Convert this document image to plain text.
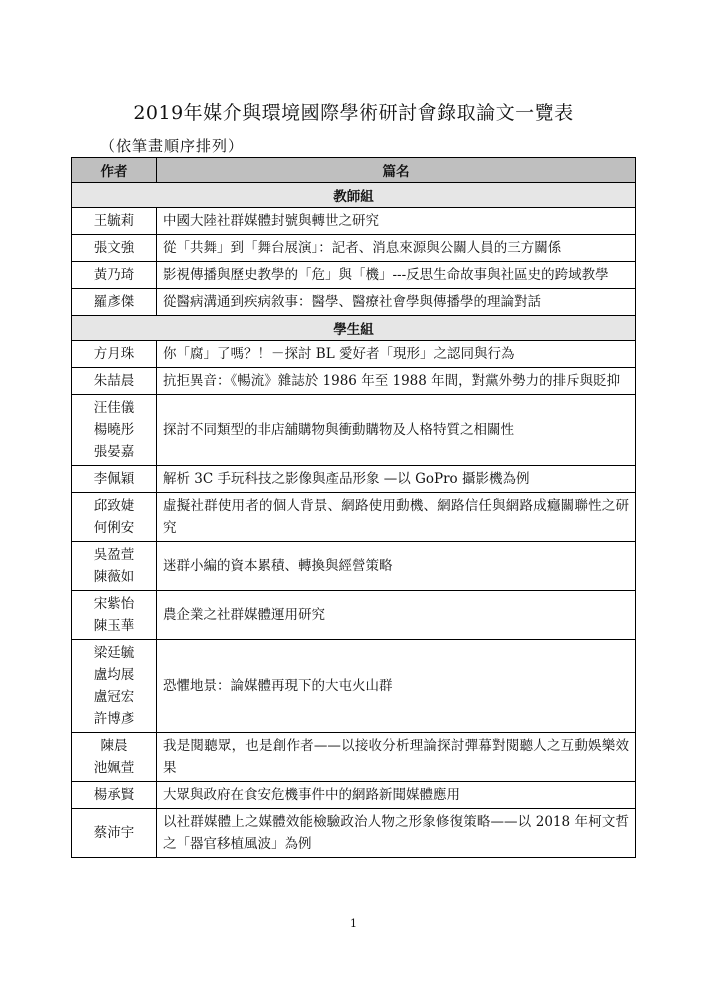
2019年媒介與環境國際學術研討會錄取論文一覽表
（依筆畫順序排列）
作者	篇名
教師組	

王毓莉	中國大陸社群媒體封號與轉世之研究

張文強	從「共舞」到「舞台展演」：記者、消息來源與公關人員的三方關係

黃乃琦	影視傳播與歷史教學的「危」與「機」---反思生命故事與社區史的跨域教學

羅彥傑	從醫病溝通到疾病敘事：醫學、醫療社會學與傳播學的理論對話
學生組	

方月珠	你「腐」了嗎？！－探討 BL 愛好者「現形」之認同與行為

朱喆晨	抗拒異音：《暢流》雜誌於 1986 年至 1988 年間，對黨外勢力的排斥與貶抑

汪佳儀
楊曉彤
張晏嘉	探討不同類型的非店舖購物與衝動購物及人格特質之相關性

李佩穎	解析 3C 手玩科技之影像與產品形象 —以 GoPro 攝影機為例

邱致婕
何俐安	虛擬社群使用者的個人背景、網路使用動機、網路信任與網路成癮關聯性之研究

吳盈萱
陳薇如	迷群小編的資本累積、轉換與經營策略

宋紫怡
陳玉華	農企業之社群媒體運用研究

梁廷毓
盧均展
盧冠宏
許博彥	恐懼地景：論媒體再現下的大屯火山群

陳晨
池姵萱	我是閱聽眾，也是創作者——以接收分析理論探討彈幕對閱聽人之互動娛樂效果

楊承賢	大眾與政府在食安危機事件中的網路新聞媒體應用

蔡沛宇	以社群媒體上之媒體效能檢驗政治人物之形象修復策略——以 2018 年柯文哲之「器官移植風波」為例
1
